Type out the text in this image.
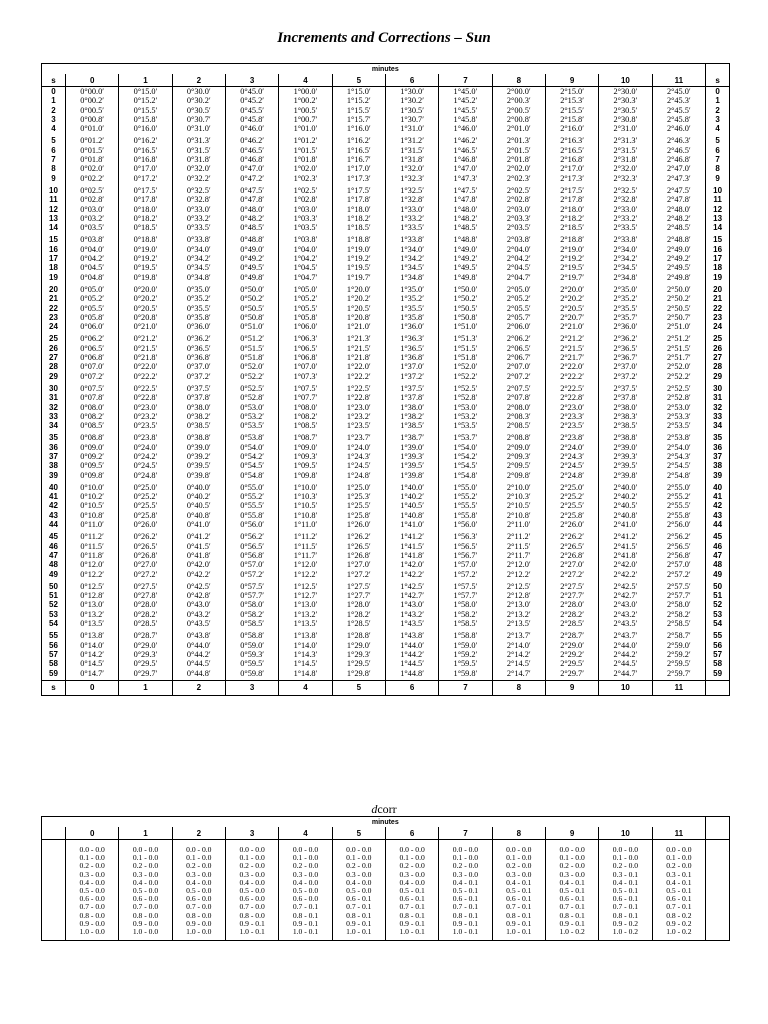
Increments and Corrections – Sun
	minutes												
s	0	1	2	3	4	5	6	7	8	9	10	11	s
0	0°00.0′	0°15.0′	0°30.0′	0°45.0′	1°00.0′	1°15.0′	1°30.0′	1°45.0′	2°00.0′	2°15.0′	2°30.0′	2°45.0′	0
1	0°00.2′	0°15.2′	0°30.2′	0°45.2′	1°00.2′	1°15.2′	1°30.2′	1°45.2′	2°00.3′	2°15.3′	2°30.3′	2°45.3′	1
2	0°00.5′	0°15.5′	0°30.5′	0°45.5′	1°00.5′	1°15.5′	1°30.5′	1°45.5′	2°00.5′	2°15.5′	2°30.5′	2°45.5′	2
3	0°00.8′	0°15.8′	0°30.7′	0°45.8′	1°00.7′	1°15.7′	1°30.7′	1°45.8′	2°00.8′	2°15.8′	2°30.8′	2°45.8′	3
4	0°01.0′	0°16.0′	0°31.0′	0°46.0′	1°01.0′	1°16.0′	1°31.0′	1°46.0′	2°01.0′	2°16.0′	2°31.0′	2°46.0′	4
5	0°01.2′	0°16.2′	0°31.3′	0°46.2′	1°01.2′	1°16.2′	1°31.2′	1°46.2′	2°01.3′	2°16.3′	2°31.3′	2°46.3′	5
6	0°01.5′	0°16.5′	0°31.5′	0°46.5′	1°01.5′	1°16.5′	1°31.5′	1°46.5′	2°01.5′	2°16.5′	2°31.5′	2°46.5′	6
7	0°01.8′	0°16.8′	0°31.8′	0°46.8′	1°01.8′	1°16.7′	1°31.8′	1°46.8′	2°01.8′	2°16.8′	2°31.8′	2°46.8′	7
8	0°02.0′	0°17.0′	0°32.0′	0°47.0′	1°02.0′	1°17.0′	1°32.0′	1°47.0′	2°02.0′	2°17.0′	2°32.0′	2°47.0′	8
9	0°02.2′	0°17.2′	0°32.2′	0°47.2′	1°02.3′	1°17.3′	1°32.3′	1°47.3′	2°02.3′	2°17.3′	2°32.3′	2°47.3′	9
10	0°02.5′	0°17.5′	0°32.5′	0°47.5′	1°02.5′	1°17.5′	1°32.5′	1°47.5′	2°02.5′	2°17.5′	2°32.5′	2°47.5′	10
11	0°02.8′	0°17.8′	0°32.8′	0°47.8′	1°02.8′	1°17.8′	1°32.8′	1°47.8′	2°02.8′	2°17.8′	2°32.8′	2°47.8′	11
12	0°03.0′	0°18.0′	0°33.0′	0°48.0′	1°03.0′	1°18.0′	1°33.0′	1°48.0′	2°03.0′	2°18.0′	2°33.0′	2°48.0′	12
13	0°03.2′	0°18.2′	0°33.2′	0°48.2′	1°03.3′	1°18.2′	1°33.2′	1°48.2′	2°03.3′	2°18.2′	2°33.2′	2°48.2′	13
14	0°03.5′	0°18.5′	0°33.5′	0°48.5′	1°03.5′	1°18.5′	1°33.5′	1°48.5′	2°03.5′	2°18.5′	2°33.5′	2°48.5′	14
15	0°03.8′	0°18.8′	0°33.8′	0°48.8′	1°03.8′	1°18.8′	1°33.8′	1°48.8′	2°03.8′	2°18.8′	2°33.8′	2°48.8′	15
16	0°04.0′	0°19.0′	0°34.0′	0°49.0′	1°04.0′	1°19.0′	1°34.0′	1°49.0′	2°04.0′	2°19.0′	2°34.0′	2°49.0′	16
17	0°04.2′	0°19.2′	0°34.2′	0°49.2′	1°04.2′	1°19.2′	1°34.2′	1°49.2′	2°04.2′	2°19.2′	2°34.2′	2°49.2′	17
18	0°04.5′	0°19.5′	0°34.5′	0°49.5′	1°04.5′	1°19.5′	1°34.5′	1°49.5′	2°04.5′	2°19.5′	2°34.5′	2°49.5′	18
19	0°04.8′	0°19.8′	0°34.8′	0°49.8′	1°04.7′	1°19.7′	1°34.8′	1°49.8′	2°04.7′	2°19.7′	2°34.8′	2°49.8′	19
20	0°05.0′	0°20.0′	0°35.0′	0°50.0′	1°05.0′	1°20.0′	1°35.0′	1°50.0′	2°05.0′	2°20.0′	2°35.0′	2°50.0′	20
21	0°05.2′	0°20.2′	0°35.2′	0°50.2′	1°05.2′	1°20.2′	1°35.2′	1°50.2′	2°05.2′	2°20.2′	2°35.2′	2°50.2′	21
22	0°05.5′	0°20.5′	0°35.5′	0°50.5′	1°05.5′	1°20.5′	1°35.5′	1°50.5′	2°05.5′	2°20.5′	2°35.5′	2°50.5′	22
23	0°05.8′	0°20.8′	0°35.8′	0°50.8′	1°05.8′	1°20.8′	1°35.8′	1°50.8′	2°05.7′	2°20.7′	2°35.7′	2°50.7′	23
24	0°06.0′	0°21.0′	0°36.0′	0°51.0′	1°06.0′	1°21.0′	1°36.0′	1°51.0′	2°06.0′	2°21.0′	2°36.0′	2°51.0′	24
25	0°06.2′	0°21.2′	0°36.2′	0°51.2′	1°06.3′	1°21.3′	1°36.3′	1°51.3′	2°06.2′	2°21.2′	2°36.2′	2°51.2′	25
26	0°06.5′	0°21.5′	0°36.5′	0°51.5′	1°06.5′	1°21.5′	1°36.5′	1°51.5′	2°06.5′	2°21.5′	2°36.5′	2°51.5′	26
27	0°06.8′	0°21.8′	0°36.8′	0°51.8′	1°06.8′	1°21.8′	1°36.8′	1°51.8′	2°06.7′	2°21.7′	2°36.7′	2°51.7′	27
28	0°07.0′	0°22.0′	0°37.0′	0°52.0′	1°07.0′	1°22.0′	1°37.0′	1°52.0′	2°07.0′	2°22.0′	2°37.0′	2°52.0′	28
29	0°07.2′	0°22.2′	0°37.2′	0°52.2′	1°07.3′	1°22.2′	1°37.2′	1°52.2′	2°07.2′	2°22.2′	2°37.2′	2°52.2′	29
30	0°07.5′	0°22.5′	0°37.5′	0°52.5′	1°07.5′	1°22.5′	1°37.5′	1°52.5′	2°07.5′	2°22.5′	2°37.5′	2°52.5′	30
31	0°07.8′	0°22.8′	0°37.8′	0°52.8′	1°07.7′	1°22.8′	1°37.8′	1°52.8′	2°07.8′	2°22.8′	2°37.8′	2°52.8′	31
32	0°08.0′	0°23.0′	0°38.0′	0°53.0′	1°08.0′	1°23.0′	1°38.0′	1°53.0′	2°08.0′	2°23.0′	2°38.0′	2°53.0′	32
33	0°08.2′	0°23.2′	0°38.2′	0°53.2′	1°08.2′	1°23.2′	1°38.2′	1°53.2′	2°08.3′	2°23.3′	2°38.3′	2°53.3′	33
34	0°08.5′	0°23.5′	0°38.5′	0°53.5′	1°08.5′	1°23.5′	1°38.5′	1°53.5′	2°08.5′	2°23.5′	2°38.5′	2°53.5′	34
35	0°08.8′	0°23.8′	0°38.8′	0°53.8′	1°08.7′	1°23.7′	1°38.7′	1°53.7′	2°08.8′	2°23.8′	2°38.8′	2°53.8′	35
36	0°09.0′	0°24.0′	0°39.0′	0°54.0′	1°09.0′	1°24.0′	1°39.0′	1°54.0′	2°09.0′	2°24.0′	2°39.0′	2°54.0′	36
37	0°09.2′	0°24.2′	0°39.2′	0°54.2′	1°09.3′	1°24.3′	1°39.3′	1°54.2′	2°09.3′	2°24.3′	2°39.3′	2°54.3′	37
38	0°09.5′	0°24.5′	0°39.5′	0°54.5′	1°09.5′	1°24.5′	1°39.5′	1°54.5′	2°09.5′	2°24.5′	2°39.5′	2°54.5′	38
39	0°09.8′	0°24.8′	0°39.8′	0°54.8′	1°09.8′	1°24.8′	1°39.8′	1°54.8′	2°09.8′	2°24.8′	2°39.8′	2°54.8′	39
40	0°10.0′	0°25.0′	0°40.0′	0°55.0′	1°10.0′	1°25.0′	1°40.0′	1°55.0′	2°10.0′	2°25.0′	2°40.0′	2°55.0′	40
41	0°10.2′	0°25.2′	0°40.2′	0°55.2′	1°10.3′	1°25.3′	1°40.2′	1°55.2′	2°10.3′	2°25.2′	2°40.2′	2°55.2′	41
42	0°10.5′	0°25.5′	0°40.5′	0°55.5′	1°10.5′	1°25.5′	1°40.5′	1°55.5′	2°10.5′	2°25.5′	2°40.5′	2°55.5′	42
43	0°10.8′	0°25.8′	0°40.8′	0°55.8′	1°10.8′	1°25.8′	1°40.8′	1°55.8′	2°10.8′	2°25.8′	2°40.8′	2°55.8′	43
44	0°11.0′	0°26.0′	0°41.0′	0°56.0′	1°11.0′	1°26.0′	1°41.0′	1°56.0′	2°11.0′	2°26.0′	2°41.0′	2°56.0′	44
45	0°11.2′	0°26.2′	0°41.2′	0°56.2′	1°11.2′	1°26.2′	1°41.2′	1°56.3′	2°11.2′	2°26.2′	2°41.2′	2°56.2′	45
46	0°11.5′	0°26.5′	0°41.5′	0°56.5′	1°11.5′	1°26.5′	1°41.5′	1°56.5′	2°11.5′	2°26.5′	2°41.5′	2°56.5′	46
47	0°11.8′	0°26.8′	0°41.8′	0°56.8′	1°11.7′	1°26.8′	1°41.8′	1°56.7′	2°11.7′	2°26.8′	2°41.8′	2°56.8′	47
48	0°12.0′	0°27.0′	0°42.0′	0°57.0′	1°12.0′	1°27.0′	1°42.0′	1°57.0′	2°12.0′	2°27.0′	2°42.0′	2°57.0′	48
49	0°12.2′	0°27.2′	0°42.2′	0°57.2′	1°12.2′	1°27.2′	1°42.2′	1°57.2′	2°12.2′	2°27.2′	2°42.2′	2°57.2′	49
50	0°12.5′	0°27.5′	0°42.5′	0°57.5′	1°12.5′	1°27.5′	1°42.5′	1°57.5′	2°12.5′	2°27.5′	2°42.5′	2°57.5′	50
51	0°12.8′	0°27.8′	0°42.8′	0°57.7′	1°12.7′	1°27.7′	1°42.7′	1°57.7′	2°12.8′	2°27.7′	2°42.7′	2°57.7′	51
52	0°13.0′	0°28.0′	0°43.0′	0°58.0′	1°13.0′	1°28.0′	1°43.0′	1°58.0′	2°13.0′	2°28.0′	2°43.0′	2°58.0′	52
53	0°13.2′	0°28.2′	0°43.2′	0°58.2′	1°13.2′	1°28.2′	1°43.2′	1°58.2′	2°13.2′	2°28.2′	2°43.2′	2°58.2′	53
54	0°13.5′	0°28.5′	0°43.5′	0°58.5′	1°13.5′	1°28.5′	1°43.5′	1°58.5′	2°13.5′	2°28.5′	2°43.5′	2°58.5′	54
55	0°13.8′	0°28.7′	0°43.8′	0°58.8′	1°13.8′	1°28.8′	1°43.8′	1°58.8′	2°13.7′	2°28.7′	2°43.7′	2°58.7′	55
56	0°14.0′	0°29.0′	0°44.0′	0°59.0′	1°14.0′	1°29.0′	1°44.0′	1°59.0′	2°14.0′	2°29.0′	2°44.0′	2°59.0′	56
57	0°14.2′	0°29.3′	0°44.2′	0°59.3′	1°14.3′	1°29.3′	1°44.2′	1°59.2′	2°14.2′	2°29.2′	2°44.2′	2°59.2′	57
58	0°14.5′	0°29.5′	0°44.5′	0°59.5′	1°14.5′	1°29.5′	1°44.5′	1°59.5′	2°14.5′	2°29.5′	2°44.5′	2°59.5′	58
59	0°14.7′	0°29.7′	0°44.8′	0°59.8′	1°14.8′	1°29.8′	1°44.8′	1°59.8′	2°14.7′	2°29.7′	2°44.7′	2°59.7′	59
s	0	1	2	3	4	5	6	7	8	9	10	11	
dcorr
	minutes												
	0	1	2	3	4	5	6	7	8	9	10	11	
	0.0 - 0.0	0.0 - 0.0	0.0 - 0.0	0.0 - 0.0	0.0 - 0.0	0.0 - 0.0	0.0 - 0.0	0.0 - 0.0	0.0 - 0.0	0.0 - 0.0	0.0 - 0.0	0.0 - 0.0	
	0.1 - 0.0	0.1 - 0.0	0.1 - 0.0	0.1 - 0.0	0.1 - 0.0	0.1 - 0.0	0.1 - 0.0	0.1 - 0.0	0.1 - 0.0	0.1 - 0.0	0.1 - 0.0	0.1 - 0.0	
	0.2 - 0.0	0.2 - 0.0	0.2 - 0.0	0.2 - 0.0	0.2 - 0.0	0.2 - 0.0	0.2 - 0.0	0.2 - 0.0	0.2 - 0.0	0.2 - 0.0	0.2 - 0.0	0.2 - 0.0	
	0.3 - 0.0	0.3 - 0.0	0.3 - 0.0	0.3 - 0.0	0.3 - 0.0	0.3 - 0.0	0.3 - 0.0	0.3 - 0.0	0.3 - 0.0	0.3 - 0.0	0.3 - 0.1	0.3 - 0.1	
	0.4 - 0.0	0.4 - 0.0	0.4 - 0.0	0.4 - 0.0	0.4 - 0.0	0.4 - 0.0	0.4 - 0.0	0.4 - 0.1	0.4 - 0.1	0.4 - 0.1	0.4 - 0.1	0.4 - 0.1	
	0.5 - 0.0	0.5 - 0.0	0.5 - 0.0	0.5 - 0.0	0.5 - 0.0	0.5 - 0.0	0.5 - 0.1	0.5 - 0.1	0.5 - 0.1	0.5 - 0.1	0.5 - 0.1	0.5 - 0.1	
	0.6 - 0.0	0.6 - 0.0	0.6 - 0.0	0.6 - 0.0	0.6 - 0.0	0.6 - 0.1	0.6 - 0.1	0.6 - 0.1	0.6 - 0.1	0.6 - 0.1	0.6 - 0.1	0.6 - 0.1	
	0.7 - 0.0	0.7 - 0.0	0.7 - 0.0	0.7 - 0.0	0.7 - 0.1	0.7 - 0.1	0.7 - 0.1	0.7 - 0.1	0.7 - 0.1	0.7 - 0.1	0.7 - 0.1	0.7 - 0.1	
	0.8 - 0.0	0.8 - 0.0	0.8 - 0.0	0.8 - 0.0	0.8 - 0.1	0.8 - 0.1	0.8 - 0.1	0.8 - 0.1	0.8 - 0.1	0.8 - 0.1	0.8 - 0.1	0.8 - 0.2	
	0.9 - 0.0	0.9 - 0.0	0.9 - 0.0	0.9 - 0.1	0.9 - 0.1	0.9 - 0.1	0.9 - 0.1	0.9 - 0.1	0.9 - 0.1	0.9 - 0.1	0.9 - 0.2	0.9 - 0.2	
	1.0 - 0.0	1.0 - 0.0	1.0 - 0.0	1.0 - 0.1	1.0 - 0.1	1.0 - 0.1	1.0 - 0.1	1.0 - 0.1	1.0 - 0.1	1.0 - 0.2	1.0 - 0.2	1.0 - 0.2	
